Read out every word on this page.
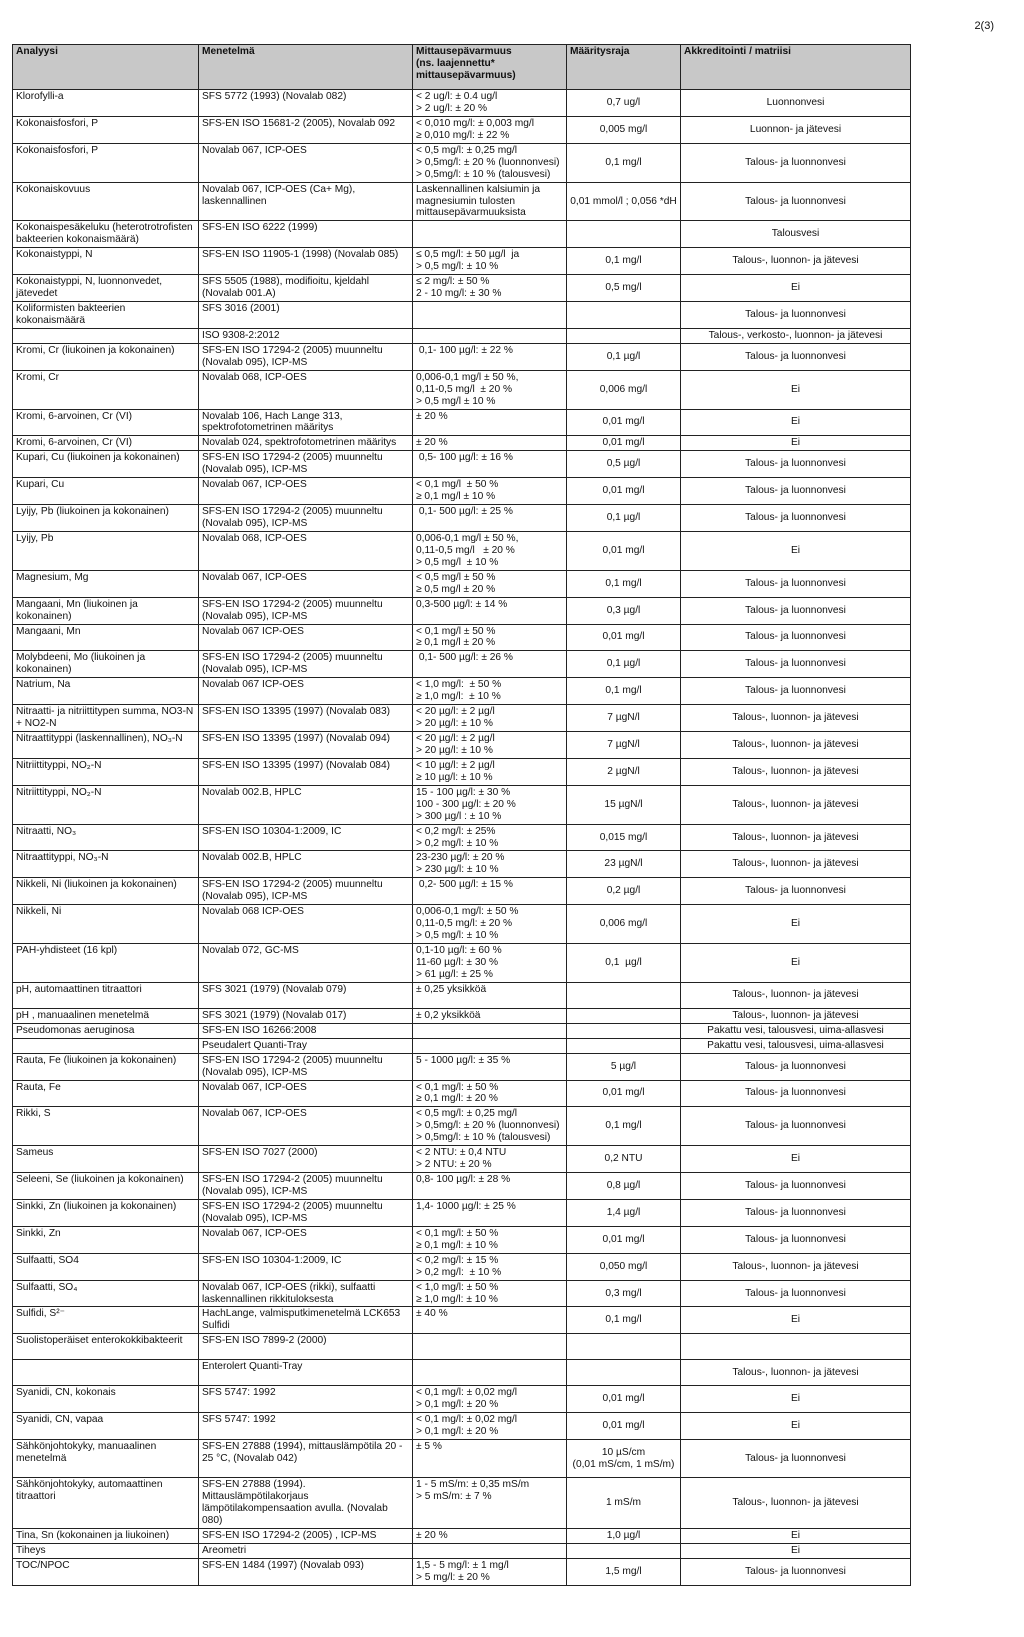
2(3)
Analyysi	Menetelmä	Mittausepävarmuus
(ns. laajennettu*
mittausepävarmuus)	Määritysraja	Akkreditointi / matriisi

Klorofylli-a	SFS 5772 (1993) (Novalab 082)	< 2 ug/l: ± 0.4 ug/l
> 2 ug/l: ± 20 %	0,7 ug/l	Luonnonvesi

Kokonaisfosfori, P	SFS-EN ISO 15681-2 (2005), Novalab 092	< 0,010 mg/l: ± 0,003 mg/l
≥ 0,010 mg/l: ± 22 %	0,005 mg/l	Luonnon- ja jätevesi

Kokonaisfosfori, P	Novalab 067, ICP-OES	< 0,5 mg/l: ± 0,25 mg/l
> 0,5mg/l: ± 20 % (luonnonvesi)
> 0,5mg/l: ± 10 % (talousvesi)	0,1 mg/l	Talous- ja luonnonvesi

Kokonaiskovuus	Novalab 067, ICP-OES (Ca+ Mg), laskennallinen	Laskennallinen kalsiumin ja magnesiumin tulosten mittausepävarmuuksista	0,01 mmol/l ; 0,056 *dH	Talous- ja luonnonvesi

Kokonaispesäkeluku (heterotrotrofisten bakteerien kokonaismäärä)	SFS-EN ISO 6222 (1999)			Talousvesi

Kokonaistyppi, N	SFS-EN ISO 11905-1 (1998) (Novalab 085)	≤ 0,5 mg/l: ± 50 µg/l  ja
> 0,5 mg/l: ± 10 %	0,1 mg/l	Talous-, luonnon- ja jätevesi

Kokonaistyppi, N, luonnonvedet, jätevedet	SFS 5505 (1988), modifioitu, kjeldahl (Novalab 001.A)	≤ 2 mg/l: ± 50 %
2 - 10 mg/l: ± 30 %	0,5 mg/l	Ei

Koliformisten bakteerien kokonaismäärä	SFS 3016 (2001)			Talous- ja luonnonvesi

	ISO 9308-2:2012			Talous-, verkosto-, luonnon- ja jätevesi

Kromi, Cr (liukoinen ja kokonainen)	SFS-EN ISO 17294-2 (2005) muunneltu (Novalab 095), ICP-MS	0,1- 100 µg/l: ± 22 %	0,1 µg/l	Talous- ja luonnonvesi

Kromi, Cr	Novalab 068, ICP-OES	0,006-0,1 mg/l ± 50 %,
0,11-0,5 mg/l  ± 20 %
> 0,5 mg/l ± 10 %	0,006 mg/l	Ei

Kromi, 6-arvoinen, Cr (VI)	Novalab 106, Hach Lange 313, spektrofotometrinen määritys	± 20 %	0,01 mg/l	Ei

Kromi, 6-arvoinen, Cr (VI)	Novalab 024, spektrofotometrinen määritys	± 20 %	0,01 mg/l	Ei

Kupari, Cu (liukoinen ja kokonainen)	SFS-EN ISO 17294-2 (2005) muunneltu (Novalab 095), ICP-MS	0,5- 100 µg/l: ± 16 %	0,5 µg/l	Talous- ja luonnonvesi

Kupari, Cu	Novalab 067, ICP-OES	< 0,1 mg/l  ± 50 %
≥ 0,1 mg/l ± 10 %	0,01 mg/l	Talous- ja luonnonvesi

Lyijy, Pb (liukoinen ja kokonainen)	SFS-EN ISO 17294-2 (2005) muunneltu (Novalab 095), ICP-MS	0,1- 500 µg/l: ± 25 %	0,1 µg/l	Talous- ja luonnonvesi

Lyijy, Pb	Novalab 068, ICP-OES	0,006-0,1 mg/l ± 50 %,
0,11-0,5 mg/l   ± 20 %
> 0,5 mg/l  ± 10 %	0,01 mg/l	Ei

Magnesium, Mg	Novalab 067, ICP-OES	< 0,5 mg/l ± 50 %
≥ 0,5 mg/l ± 20 %	0,1 mg/l	Talous- ja luonnonvesi

Mangaani, Mn (liukoinen ja kokonainen)	SFS-EN ISO 17294-2 (2005) muunneltu (Novalab 095), ICP-MS	0,3-500 µg/l: ± 14 %	0,3 µg/l	Talous- ja luonnonvesi

Mangaani, Mn	Novalab 067 ICP-OES	< 0,1 mg/l ± 50 %
≥ 0,1 mg/l ± 20 %	0,01 mg/l	Talous- ja luonnonvesi

Molybdeeni, Mo (liukoinen ja kokonainen)	SFS-EN ISO 17294-2 (2005) muunneltu (Novalab 095), ICP-MS	0,1- 500 µg/l: ± 26 %	0,1 µg/l	Talous- ja luonnonvesi

Natrium, Na	Novalab 067 ICP-OES	< 1,0 mg/l:  ± 50 %
≥ 1,0 mg/l:  ± 10 %	0,1 mg/l	Talous- ja luonnonvesi

Nitraatti- ja nitriittitypen summa, NO3-N + NO2-N	SFS-EN ISO 13395 (1997) (Novalab 083)	< 20 µg/l: ± 2 µg/l
> 20 µg/l: ± 10 %	7 µgN/l	Talous-, luonnon- ja jätevesi

Nitraattityppi (laskennallinen), NO₃-N	SFS-EN ISO 13395 (1997) (Novalab 094)	< 20 µg/l: ± 2 µg/l
> 20 µg/l: ± 10 %	7 µgN/l	Talous-, luonnon- ja jätevesi

Nitriittityppi, NO₂-N	SFS-EN ISO 13395 (1997) (Novalab 084)	< 10 µg/l: ± 2 µg/l
≥ 10 µg/l: ± 10 %	2 µgN/l	Talous-, luonnon- ja jätevesi

Nitriittityppi, NO₂-N	Novalab 002.B, HPLC	15 - 100 µg/l: ± 30 %
100 - 300 µg/l: ± 20 %
> 300 µg/l : ± 10 %	15 µgN/l	Talous-, luonnon- ja jätevesi

Nitraatti, NO₃	SFS-EN ISO 10304-1:2009, IC	< 0,2 mg/l: ± 25%
> 0,2 mg/l: ± 10 %	0,015 mg/l	Talous-, luonnon- ja jätevesi

Nitraattityppi, NO₃-N	Novalab 002.B, HPLC	23-230 µg/l: ± 20 %
> 230 µg/l: ± 10 %	23 µgN/l	Talous-, luonnon- ja jätevesi

Nikkeli, Ni (liukoinen ja kokonainen)	SFS-EN ISO 17294-2 (2005) muunneltu (Novalab 095), ICP-MS	0,2- 500 µg/l: ± 15 %	0,2 µg/l	Talous- ja luonnonvesi

Nikkeli, Ni	Novalab 068 ICP-OES	0,006-0,1 mg/l: ± 50 %
0,11-0,5 mg/l: ± 20 %
> 0,5 mg/l: ± 10 %	0,006 mg/l	Ei

PAH-yhdisteet (16 kpl)	Novalab 072, GC-MS	0,1-10 µg/l: ± 60 %
11-60 µg/l: ± 30 %
> 61 µg/l: ± 25 %	0,1  µg/l	Ei

pH, automaattinen titraattori	SFS 3021 (1979) (Novalab 079)	± 0,25 yksikköä		Talous-, luonnon- ja jätevesi

pH , manuaalinen menetelmä	SFS 3021 (1979) (Novalab 017)	± 0,2 yksikköä		Talous-, luonnon- ja jätevesi

Pseudomonas aeruginosa	SFS-EN ISO 16266:2008			Pakattu vesi, talousvesi, uima-allasvesi

	Pseudalert Quanti-Tray			Pakattu vesi, talousvesi, uima-allasvesi

Rauta, Fe (liukoinen ja kokonainen)	SFS-EN ISO 17294-2 (2005) muunneltu (Novalab 095), ICP-MS	5 - 1000 µg/l: ± 35 %	5 µg/l	Talous- ja luonnonvesi

Rauta, Fe	Novalab 067, ICP-OES	< 0,1 mg/l: ± 50 %
≥ 0,1 mg/l: ± 20 %	0,01 mg/l	Talous- ja luonnonvesi

Rikki, S	Novalab 067, ICP-OES	< 0,5 mg/l: ± 0,25 mg/l
> 0,5mg/l: ± 20 % (luonnonvesi)
> 0,5mg/l: ± 10 % (talousvesi)	0,1 mg/l	Talous- ja luonnonvesi

Sameus	SFS-EN ISO 7027 (2000)	< 2 NTU: ± 0,4 NTU
> 2 NTU: ± 20 %	0,2 NTU	Ei

Seleeni, Se (liukoinen ja kokonainen)	SFS-EN ISO 17294-2 (2005) muunneltu (Novalab 095), ICP-MS	0,8- 100 µg/l: ± 28 %	0,8 µg/l	Talous- ja luonnonvesi

Sinkki, Zn (liukoinen ja kokonainen)	SFS-EN ISO 17294-2 (2005) muunneltu (Novalab 095), ICP-MS	1,4- 1000 µg/l: ± 25 %	1,4 µg/l	Talous- ja luonnonvesi

Sinkki, Zn	Novalab 067, ICP-OES	< 0,1 mg/l: ± 50 %
≥ 0,1 mg/l: ± 10 %	0,01 mg/l	Talous- ja luonnonvesi

Sulfaatti, SO4	SFS-EN ISO 10304-1:2009, IC	< 0,2 mg/l: ± 15 %
> 0,2 mg/l:  ± 10 %	0,050 mg/l	Talous-, luonnon- ja jätevesi

Sulfaatti, SO₄	Novalab 067, ICP-OES (rikki), sulfaatti laskennallinen rikkituloksesta	< 1,0 mg/l: ± 50 %
≥ 1,0 mg/l: ± 10 %	0,3 mg/l	Talous- ja luonnonvesi

Sulfidi, S²⁻	HachLange, valmisputkimenetelmä LCK653 Sulfidi	± 40 %	0,1 mg/l	Ei

Suolistoperäiset enterokokkibakteerit	SFS-EN ISO 7899-2 (2000)			

	Enterolert Quanti-Tray			Talous-, luonnon- ja jätevesi

Syanidi, CN, kokonais	SFS 5747: 1992	< 0,1 mg/l: ± 0,02 mg/l
> 0,1 mg/l: ± 20 %	0,01 mg/l	Ei

Syanidi, CN, vapaa	SFS 5747: 1992	< 0,1 mg/l: ± 0,02 mg/l
> 0,1 mg/l: ± 20 %	0,01 mg/l	Ei

Sähkönjohtokyky, manuaalinen menetelmä	SFS-EN 27888 (1994), mittauslämpötila 20 - 25 °C, (Novalab 042)	± 5 %	10 µS/cm
(0,01 mS/cm, 1 mS/m)	Talous- ja luonnonvesi

Sähkönjohtokyky, automaattinen titraattori	SFS-EN 27888 (1994). Mittauslämpötilakorjaus lämpötilakompensaation avulla. (Novalab 080)	1 - 5 mS/m: ± 0,35 mS/m
> 5 mS/m: ± 7 %	1 mS/m	Talous-, luonnon- ja jätevesi

Tina, Sn (kokonainen ja liukoinen)	SFS-EN ISO 17294-2 (2005) , ICP-MS	± 20 %	1,0 µg/l	Ei

Tiheys	Areometri			Ei

TOC/NPOC	SFS-EN 1484 (1997) (Novalab 093)	1,5 - 5 mg/l: ± 1 mg/l
> 5 mg/l: ± 20 %	1,5 mg/l	Talous- ja luonnonvesi
